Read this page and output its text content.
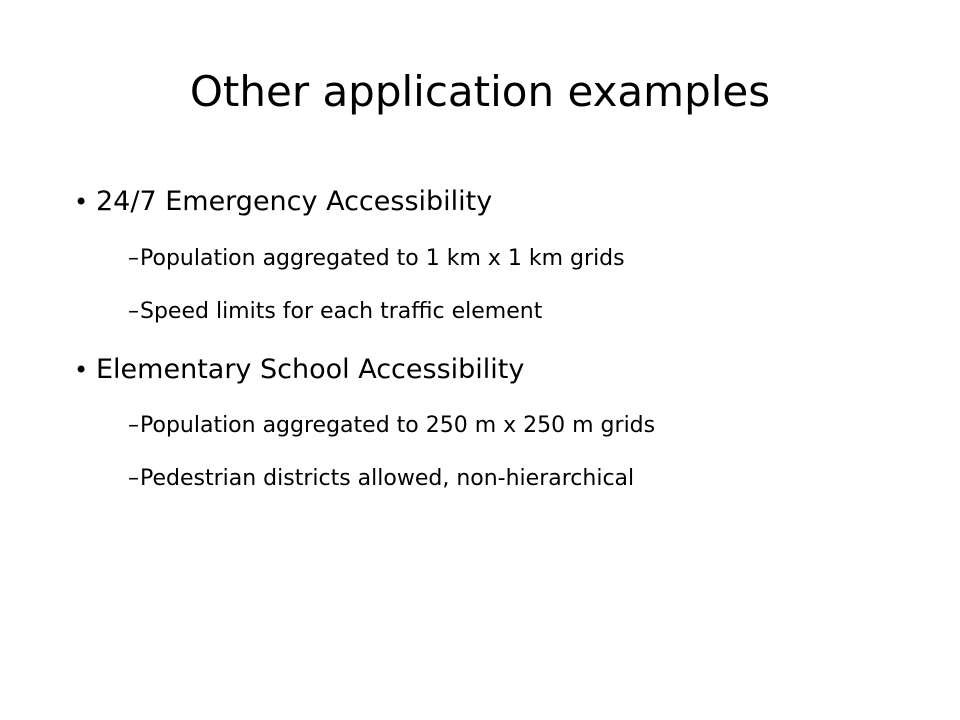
Other application examples
• 24/7 Emergency Accessibility
– Population aggregated to 1 km x 1 km grids
– Speed limits for each traffic element
• Elementary School Accessibility
– Population aggregated to 250 m x 250 m grids
– Pedestrian districts allowed, non-hierarchical
